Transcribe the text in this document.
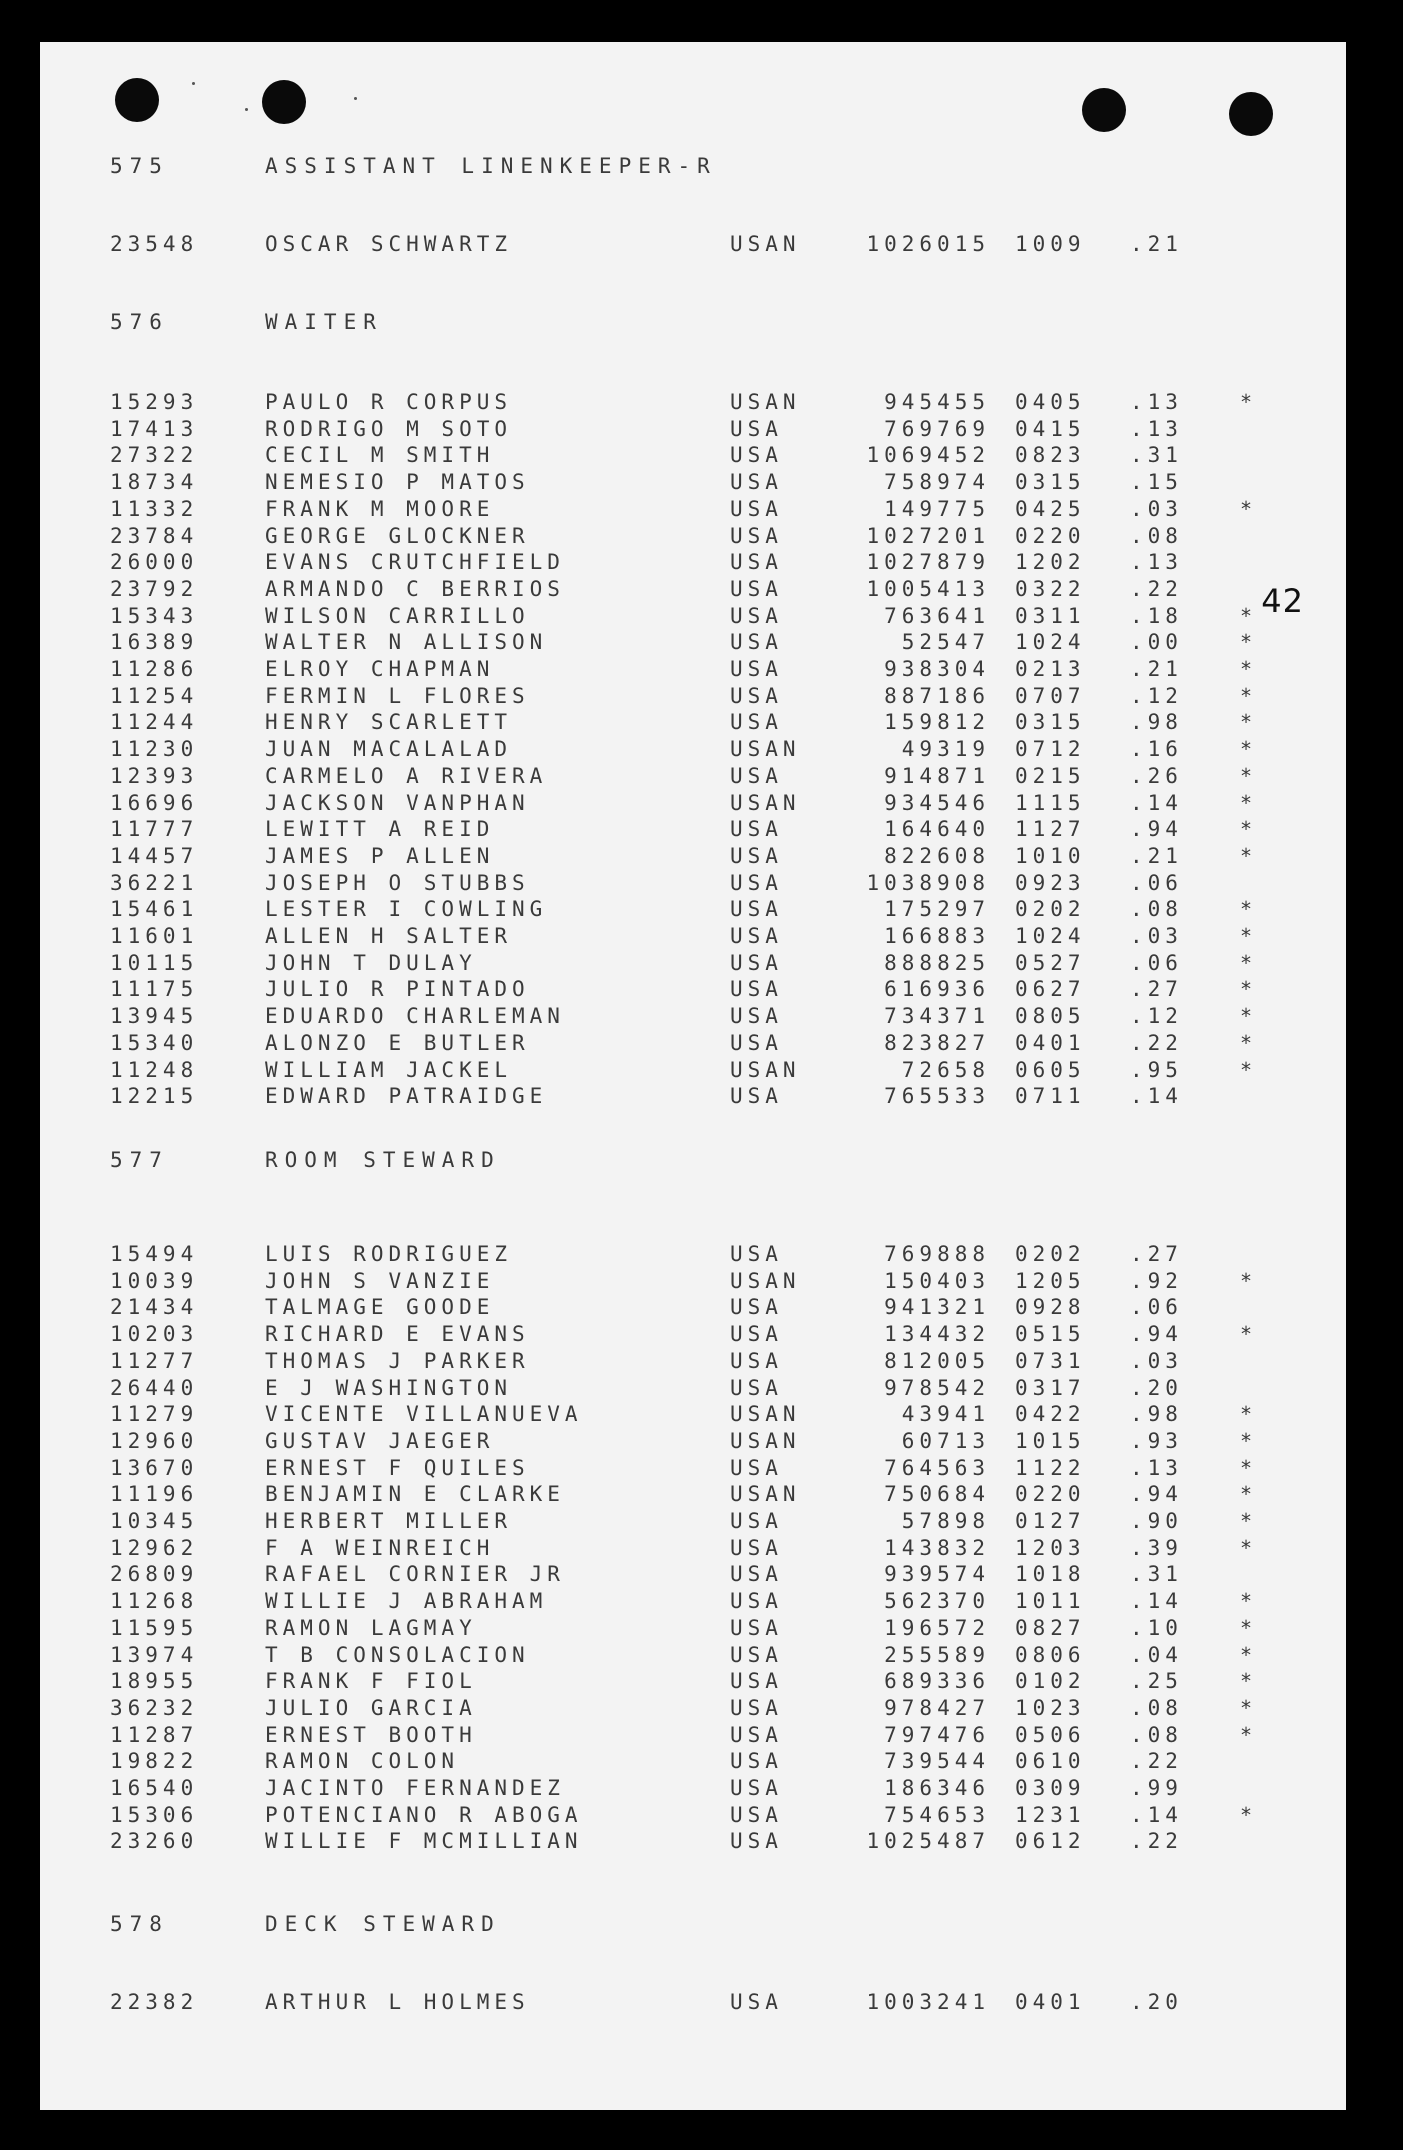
42
575	ASSISTANT LINENKEEPER-R
23548	OSCAR SCHWARTZ	USAN	1026015 1009	.21
576	WAITER
15293	PAULO R CORPUS	USAN	945455 0405	.13	*
17413	RODRIGO M SOTO	USA	769769 0415	.13
27322	CECIL M SMITH	USA	1069452 0823	.31
18734	NEMESIO P MATOS	USA	758974 0315	.15
11332	FRANK M MOORE	USA	149775 0425	.03	*
23784	GEORGE GLOCKNER	USA	1027201 0220	.08
26000	EVANS CRUTCHFIELD	USA	1027879 1202	.13
23792	ARMANDO C BERRIOS	USA	1005413 0322	.22
15343	WILSON CARRILLO	USA	763641 0311	.18	*
16389	WALTER N ALLISON	USA	52547 1024	.00	*
11286	ELROY CHAPMAN	USA	938304 0213	.21	*
11254	FERMIN L FLORES	USA	887186 0707	.12	*
11244	HENRY SCARLETT	USA	159812 0315	.98	*
11230	JUAN MACALALAD	USAN	49319 0712	.16	*
12393	CARMELO A RIVERA	USA	914871 0215	.26	*
16696	JACKSON VANPHAN	USAN	934546 1115	.14	*
11777	LEWITT A REID	USA	164640 1127	.94	*
14457	JAMES P ALLEN	USA	822608 1010	.21	*
36221	JOSEPH O STUBBS	USA	1038908 0923	.06
15461	LESTER I COWLING	USA	175297 0202	.08	*
11601	ALLEN H SALTER	USA	166883 1024	.03	*
10115	JOHN T DULAY	USA	888825 0527	.06	*
11175	JULIO R PINTADO	USA	616936 0627	.27	*
13945	EDUARDO CHARLEMAN	USA	734371 0805	.12	*
15340	ALONZO E BUTLER	USA	823827 0401	.22	*
11248	WILLIAM JACKEL	USAN	72658 0605	.95	*
12215	EDWARD PATRAIDGE	USA	765533 0711	.14
577	ROOM STEWARD
15494	LUIS RODRIGUEZ	USA	769888 0202	.27
10039	JOHN S VANZIE	USAN	150403 1205	.92	*
21434	TALMAGE GOODE	USA	941321 0928	.06
10203	RICHARD E EVANS	USA	134432 0515	.94	*
11277	THOMAS J PARKER	USA	812005 0731	.03
26440	E J WASHINGTON	USA	978542 0317	.20
11279	VICENTE VILLANUEVA	USAN	43941 0422	.98	*
12960	GUSTAV JAEGER	USAN	60713 1015	.93	*
13670	ERNEST F QUILES	USA	764563 1122	.13	*
11196	BENJAMIN E CLARKE	USAN	750684 0220	.94	*
10345	HERBERT MILLER	USA	57898 0127	.90	*
12962	F A WEINREICH	USA	143832 1203	.39	*
26809	RAFAEL CORNIER JR	USA	939574 1018	.31
11268	WILLIE J ABRAHAM	USA	562370 1011	.14	*
11595	RAMON LAGMAY	USA	196572 0827	.10	*
13974	T B CONSOLACION	USA	255589 0806	.04	*
18955	FRANK F FIOL	USA	689336 0102	.25	*
36232	JULIO GARCIA	USA	978427 1023	.08	*
11287	ERNEST BOOTH	USA	797476 0506	.08	*
19822	RAMON COLON	USA	739544 0610	.22
16540	JACINTO FERNANDEZ	USA	186346 0309	.99
15306	POTENCIANO R ABOGA	USA	754653 1231	.14	*
23260	WILLIE F MCMILLIAN	USA	1025487 0612	.22
578	DECK STEWARD
22382	ARTHUR L HOLMES	USA	1003241 0401	.20
